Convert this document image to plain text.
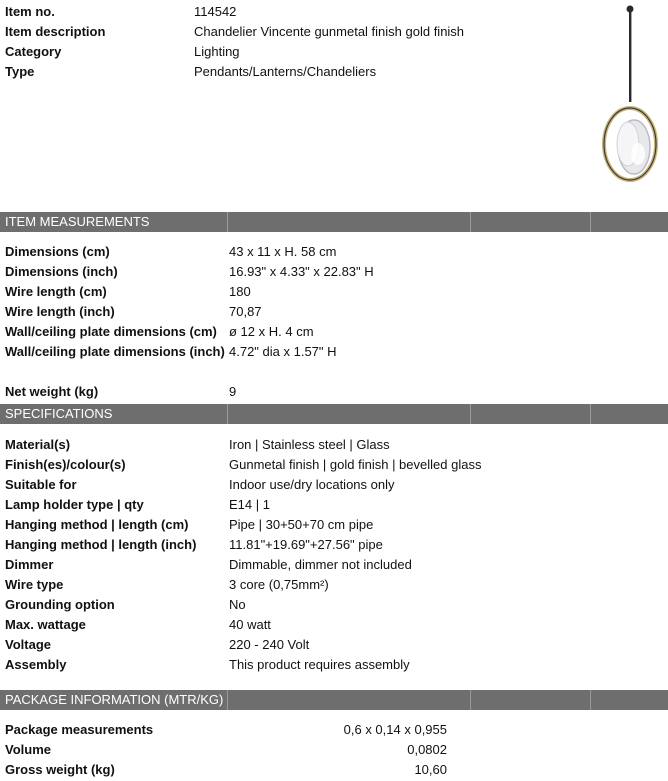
Item no.	114542
Item description	Chandelier Vincente gunmetal finish gold finish
Category	Lighting
Type	Pendants/Lanterns/Chandeliers
ITEM MEASUREMENTS
Dimensions (cm)	43 x 11 x H. 58 cm
Dimensions (inch)	16.93" x 4.33" x 22.83" H
Wire length (cm)	180
Wire length (inch)	70,87
Wall/ceiling plate dimensions (cm) ø 12 x H. 4 cm
Wall/ceiling plate dimensions (inch) 4.72" dia x 1.57" H
Net weight (kg)	9
SPECIFICATIONS
Material(s)	Iron | Stainless steel | Glass
Finish(es)/colour(s)	Gunmetal finish | gold finish | bevelled glass
Suitable for	Indoor use/dry locations only
Lamp holder type | qty	E14 | 1
Hanging method | length (cm)	Pipe | 30+50+70 cm pipe
Hanging method | length (inch)	11.81"+19.69"+27.56" pipe
Dimmer	Dimmable, dimmer not included
Wire type	3 core (0,75mm²)
Grounding option	No
Max. wattage	40 watt
Voltage	220 - 240 Volt
Assembly	This product requires assembly
PACKAGE INFORMATION (MTR/KG)
Package measurements	0,6 x 0,14 x 0,955
Volume	0,0802
Gross weight (kg)	10,60
